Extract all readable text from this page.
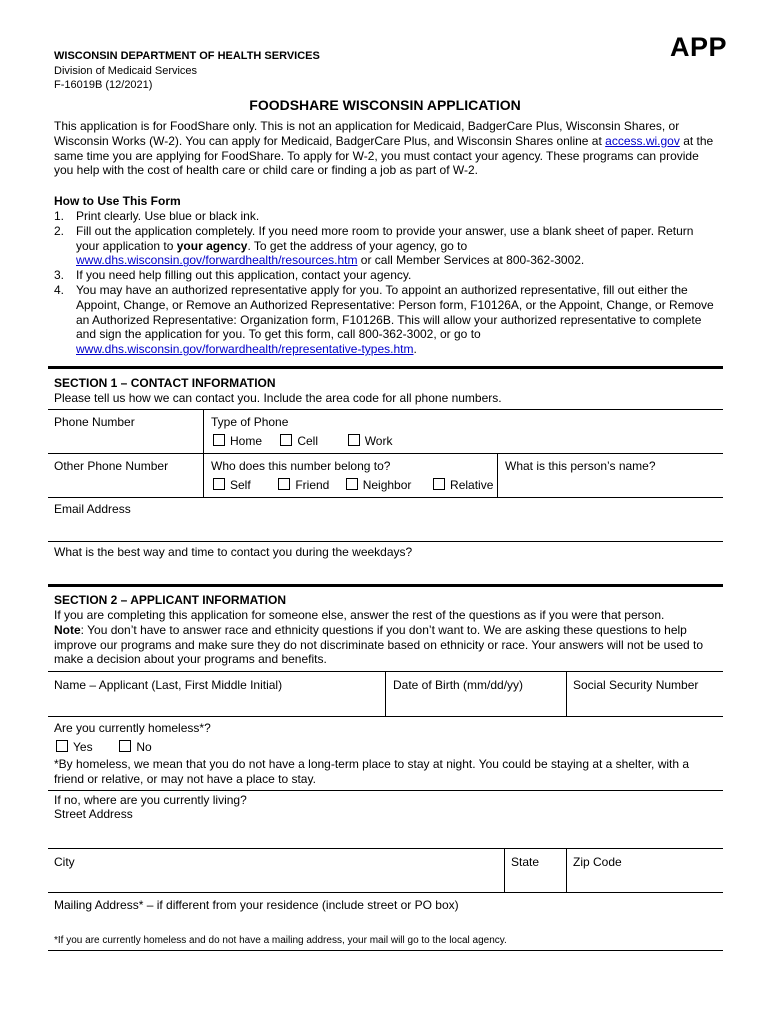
WISCONSIN DEPARTMENT OF HEALTH SERVICES
Division of Medicaid Services
F-16019B (12/2021)
APP
FOODSHARE WISCONSIN APPLICATION
This application is for FoodShare only. This is not an application for Medicaid, BadgerCare Plus, Wisconsin Shares, or Wisconsin Works (W-2). You can apply for Medicaid, BadgerCare Plus, and Wisconsin Shares online at access.wi.gov at the same time you are applying for FoodShare. To apply for W-2, you must contact your agency. These programs can provide you help with the cost of health care or child care or finding a job as part of W-2.
How to Use This Form
1. Print clearly. Use blue or black ink.
2. Fill out the application completely. If you need more room to provide your answer, use a blank sheet of paper. Return your application to your agency. To get the address of your agency, go to www.dhs.wisconsin.gov/forwardhealth/resources.htm or call Member Services at 800-362-3002.
3. If you need help filling out this application, contact your agency.
4. You may have an authorized representative apply for you. To appoint an authorized representative, fill out either the Appoint, Change, or Remove an Authorized Representative: Person form, F10126A, or the Appoint, Change, or Remove an Authorized Representative: Organization form, F10126B. This will allow your authorized representative to complete and sign the application for you. To get this form, call 800-362-3002, or go to www.dhs.wisconsin.gov/forwardhealth/representative-types.htm.
SECTION 1 – CONTACT INFORMATION
Please tell us how we can contact you. Include the area code for all phone numbers.
Phone Number	Type of Phone
Home	Cell	Work
Other Phone Number	Who does this number belong to?
Self	Friend	Neighbor	Relative
What is this person’s name?
Email Address
What is the best way and time to contact you during the weekdays?
SECTION 2 – APPLICANT INFORMATION
If you are completing this application for someone else, answer the rest of the questions as if you were that person.
Note: You don’t have to answer race and ethnicity questions if you don’t want to. We are asking these questions to help improve our programs and make sure they do not discriminate based on ethnicity or race. Your answers will not be used to make a decision about your programs and benefits.
Name – Applicant (Last, First Middle Initial)	Date of Birth (mm/dd/yy)	Social Security Number
Are you currently homeless*?
Yes	No
*By homeless, we mean that you do not have a long-term place to stay at night. You could be staying at a shelter, with a friend or relative, or may not have a place to stay.
If no, where are you currently living?
Street Address
City	State	Zip Code
Mailing Address* – if different from your residence (include street or PO box)
*If you are currently homeless and do not have a mailing address, your mail will go to the local agency.
